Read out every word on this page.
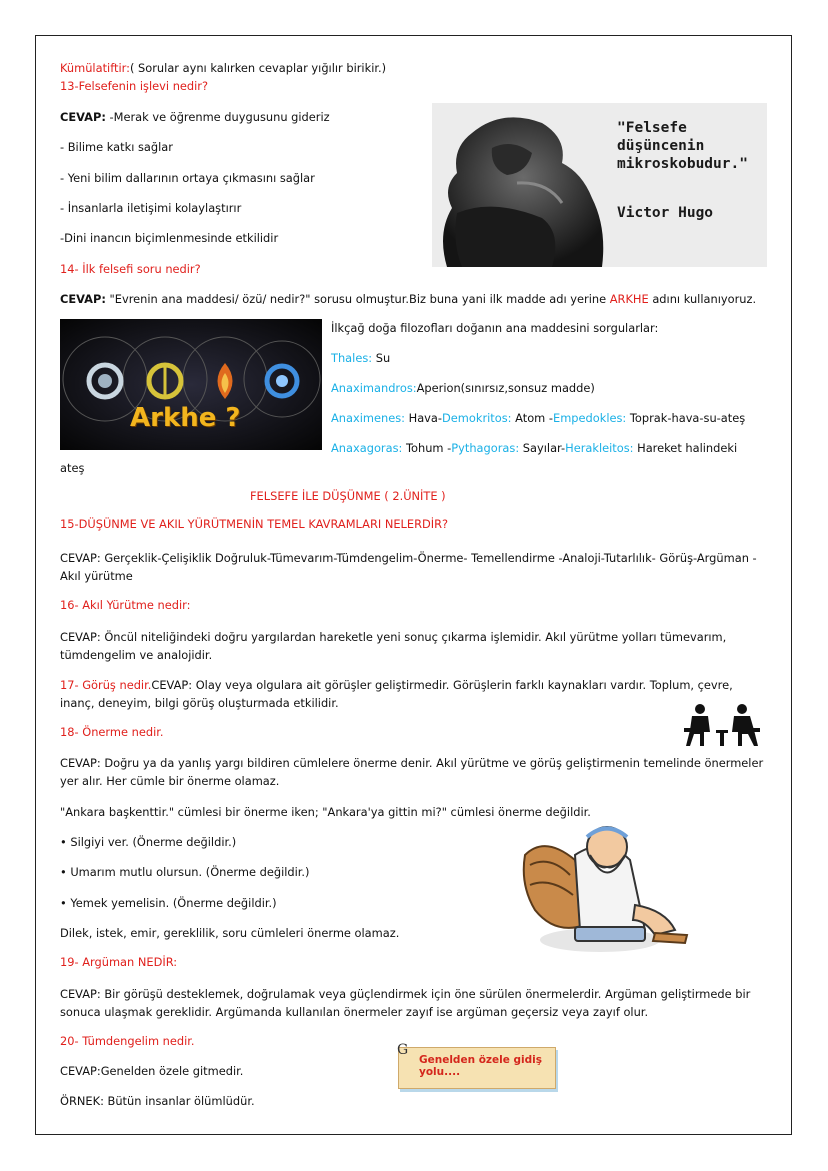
Kümülatiftir:( Sorular aynı kalırken cevaplar yığılır birikir.)
13-Felsefenin işlevi nedir?
CEVAP: -Merak ve öğrenme duygusunu gideriz
- Bilime katkı sağlar
- Yeni bilim dallarının ortaya çıkmasını sağlar
- İnsanlarla iletişimi kolaylaştırır
-Dini inancın biçimlenmesinde etkilidir
"Felsefe düşüncenin mikroskobudur."
Victor Hugo
14- İlk felsefi soru nedir?
CEVAP: "Evrenin ana maddesi/ özü/ nedir?" sorusu olmuştur.Biz buna yani ilk madde adı yerine ARKHE adını kullanıyoruz.
Arkhe ?
İlkçağ doğa filozofları doğanın ana maddesini sorgularlar:
Thales: Su
Anaximandros:Aperion(sınırsız,sonsuz madde)
Anaximenes: Hava-Demokritos: Atom -Empedokles: Toprak-hava-su-ateş
Anaxagoras: Tohum -Pythagoras: Sayılar-Herakleitos: Hareket halindeki
ateş
FELSEFE İLE DÜŞÜNME ( 2.ÜNİTE )
15-DÜŞÜNME VE AKIL YÜRÜTMENİN TEMEL KAVRAMLARI NELERDİR?
CEVAP: Gerçeklik-Çelişiklik Doğruluk-Tümevarım-Tümdengelim-Önerme- Temellendirme -Analoji-Tutarlılık- Görüş-Argüman -Akıl yürütme
16- Akıl Yürütme nedir:
CEVAP: Öncül niteliğindeki doğru yargılardan hareketle yeni sonuç çıkarma işlemidir. Akıl yürütme yolları tümevarım, tümdengelim ve analojidir.
17- Görüş nedir.CEVAP: Olay veya olgulara ait görüşler geliştirmedir. Görüşlerin farklı kaynakları vardır. Toplum, çevre, inanç, deneyim, bilgi görüş oluşturmada etkilidir.
18- Önerme nedir.
CEVAP: Doğru ya da yanlış yargı bildiren cümlelere önerme denir. Akıl yürütme ve görüş geliştirmenin temelinde önermeler yer alır. Her cümle bir önerme olamaz.
"Ankara başkenttir." cümlesi bir önerme iken; "Ankara'ya gittin mi?" cümlesi önerme değildir.
• Silgiyi ver. (Önerme değildir.)
• Umarım mutlu olursun. (Önerme değildir.)
• Yemek yemelisin. (Önerme değildir.)
Dilek, istek, emir, gereklilik, soru cümleleri önerme olamaz.
19- Argüman NEDİR:
CEVAP: Bir görüşü desteklemek, doğrulamak veya güçlendirmek için öne sürülen önermelerdir. Argüman geliştirmede bir sonuca ulaşmak gereklidir. Argümanda kullanılan önermeler zayıf ise argüman geçersiz veya zayıf olur.
20- Tümdengelim nedir.
CEVAP:Genelden özele gitmedir.
ÖRNEK: Bütün insanlar ölümlüdür.
G
Genelden özele gidiş yolu....
